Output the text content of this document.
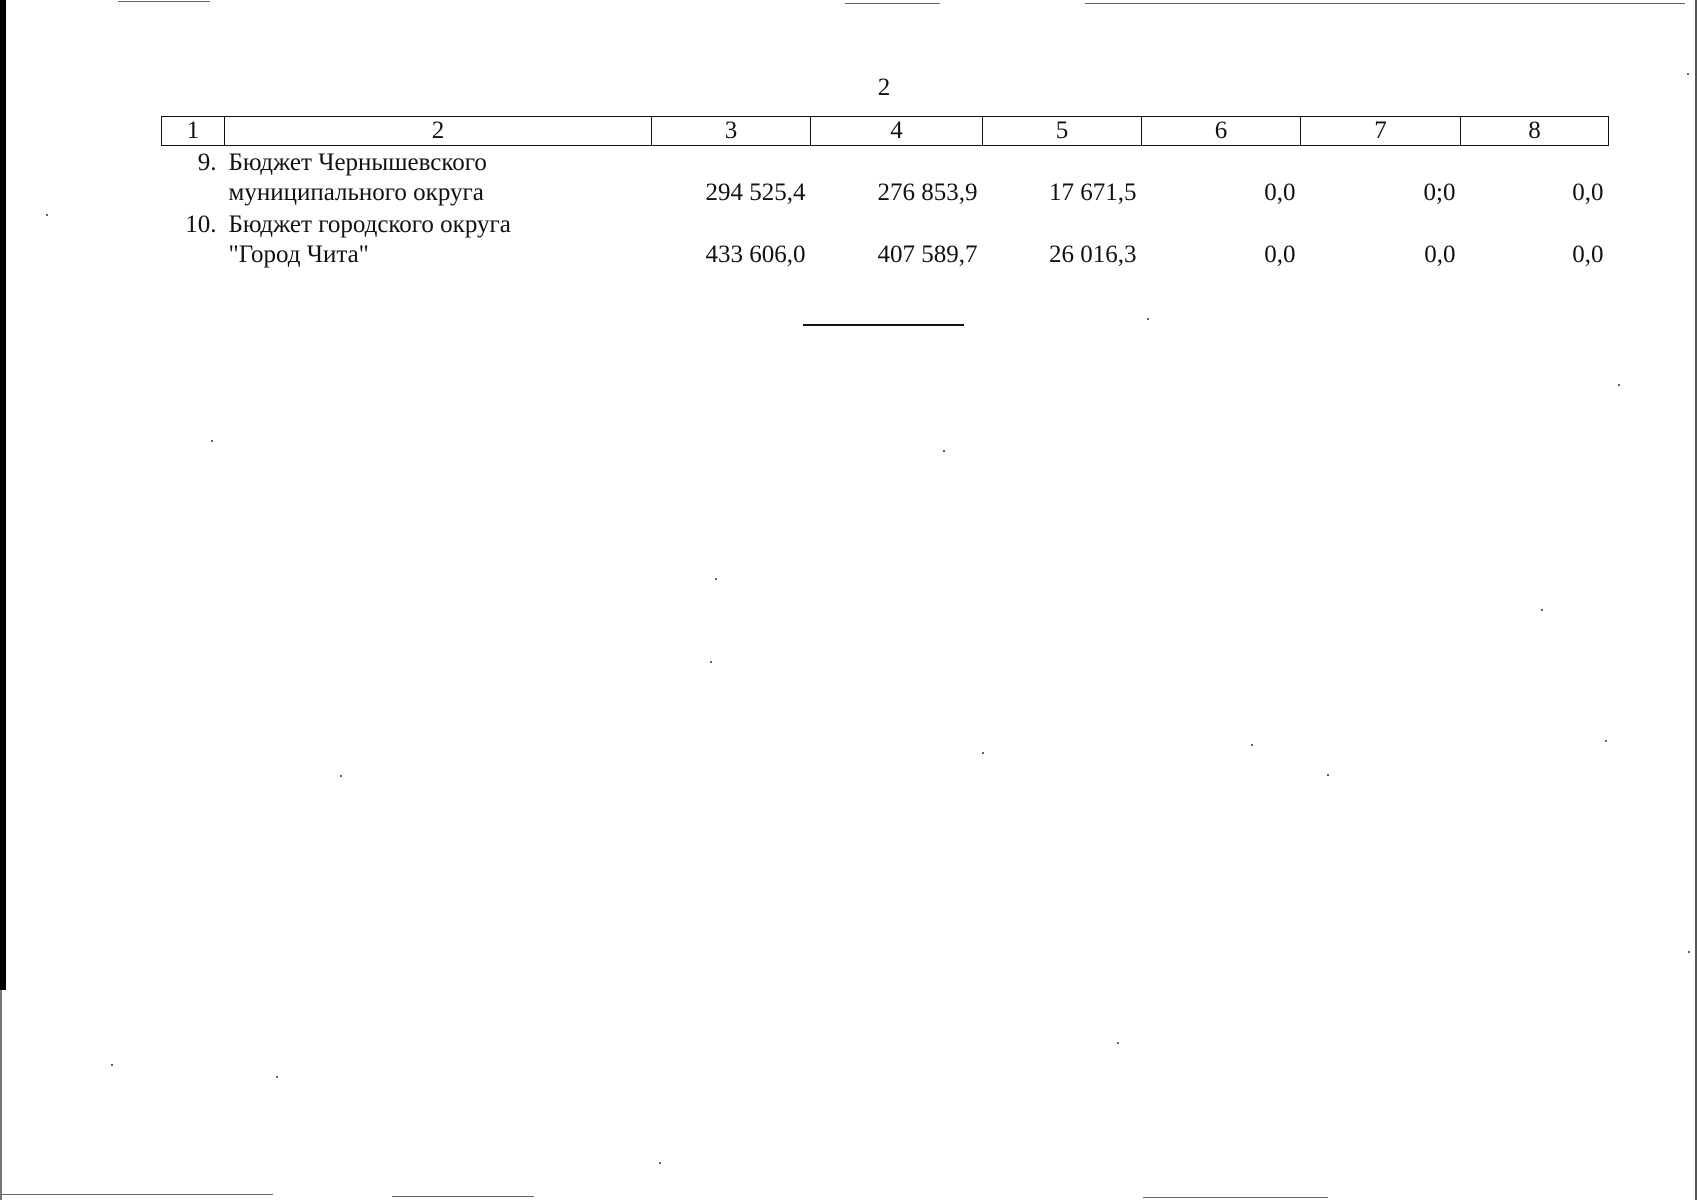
2
1	2	3	4	5	6	7	8
9.	Бюджет Чернышевского
муниципального округа	294 525,4	276 853,9	17 671,5	0,0	0;0	0,0
10.	Бюджет городского округа
"Город Чита"	433 606,0	407 589,7	26 016,3	0,0	0,0	0,0
